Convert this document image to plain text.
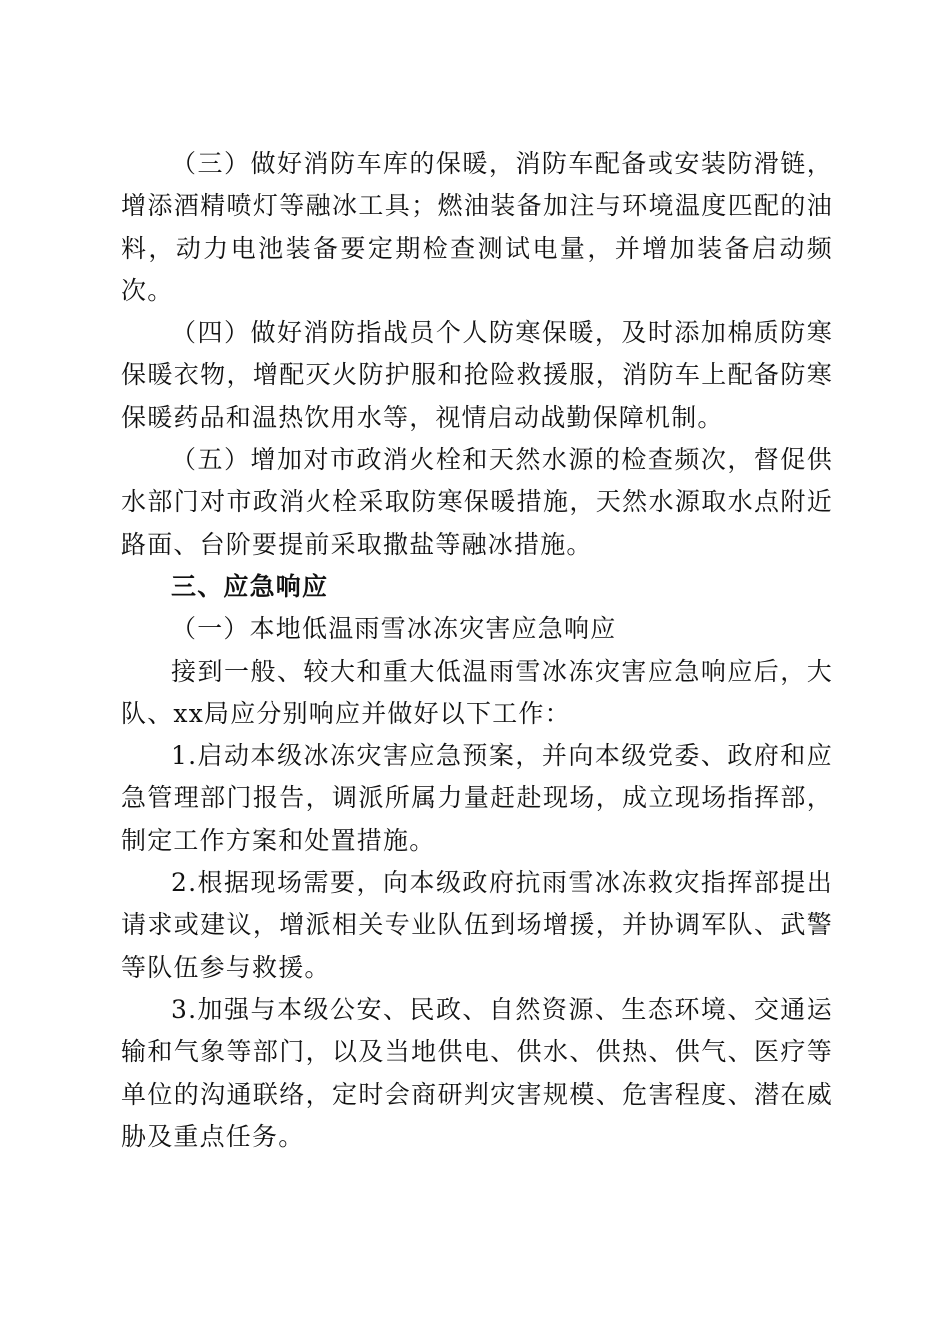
（三）做好消防车库的保暖，消防车配备或安装防滑链，增添酒精喷灯等融冰工具；燃油装备加注与环境温度匹配的油料，动力电池装备要定期检查测试电量，并增加装备启动频次。

（四）做好消防指战员个人防寒保暖，及时添加棉质防寒保暖衣物，增配灭火防护服和抢险救援服，消防车上配备防寒保暖药品和温热饮用水等，视情启动战勤保障机制。

（五）增加对市政消火栓和天然水源的检查频次，督促供水部门对市政消火栓采取防寒保暖措施，天然水源取水点附近路面、台阶要提前采取撒盐等融冰措施。

三、应急响应

（一）本地低温雨雪冰冻灾害应急响应

接到一般、较大和重大低温雨雪冰冻灾害应急响应后，大队、xx局应分别响应并做好以下工作：

1.启动本级冰冻灾害应急预案，并向本级党委、政府和应急管理部门报告，调派所属力量赶赴现场，成立现场指挥部，制定工作方案和处置措施。

2.根据现场需要，向本级政府抗雨雪冰冻救灾指挥部提出请求或建议，增派相关专业队伍到场增援，并协调军队、武警等队伍参与救援。

3.加强与本级公安、民政、自然资源、生态环境、交通运输和气象等部门，以及当地供电、供水、供热、供气、医疗等单位的沟通联络，定时会商研判灾害规模、危害程度、潜在威胁及重点任务。
